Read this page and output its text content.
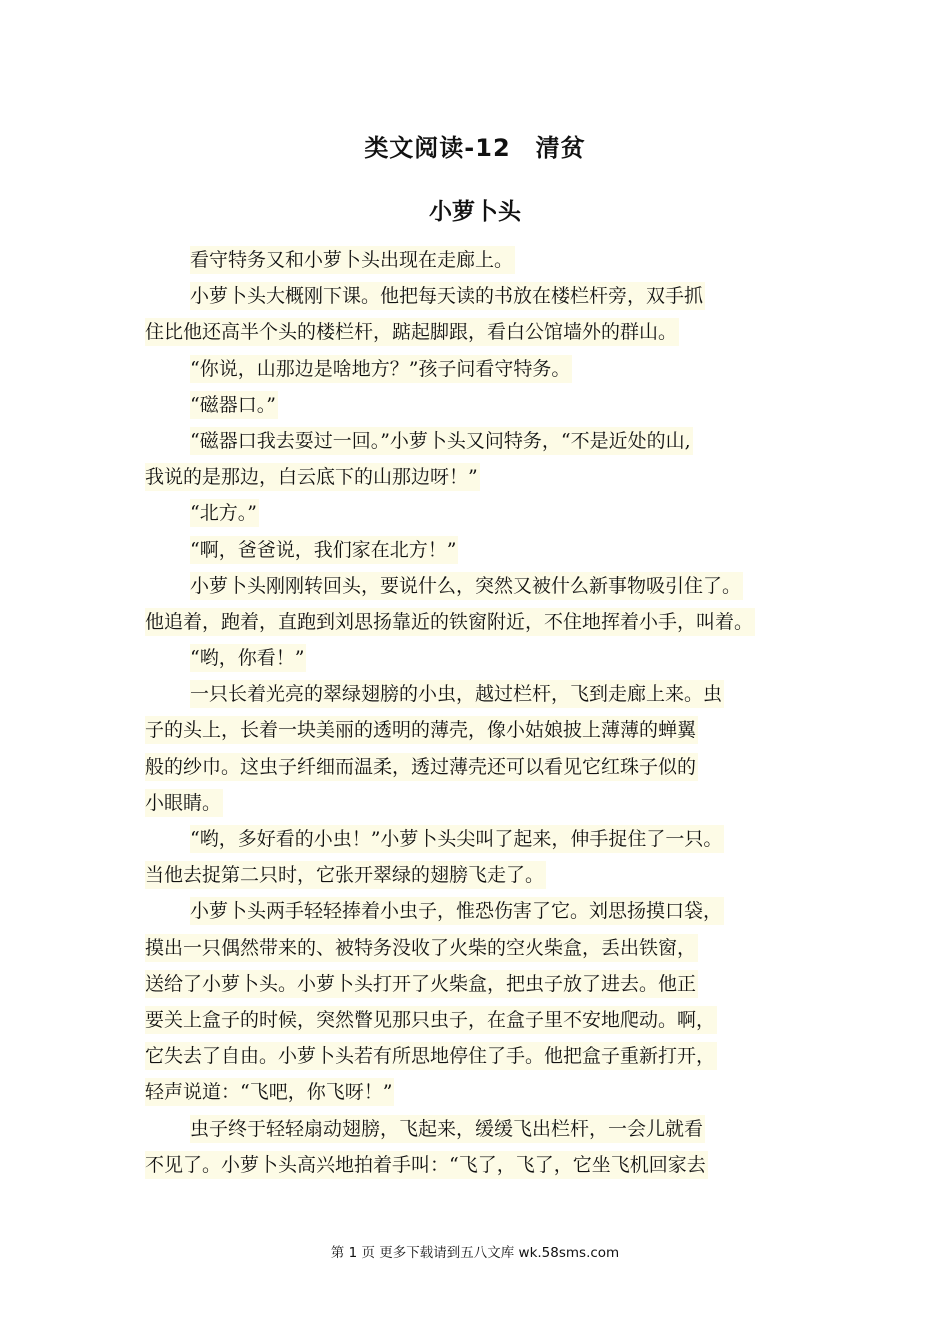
类文阅读-12　清贫
小萝卜头
看守特务又和小萝卜头出现在走廊上。
小萝卜头大概刚下课。他把每天读的书放在楼栏杆旁，双手抓
住比他还高半个头的楼栏杆，踮起脚跟，看白公馆墙外的群山。
“你说，山那边是啥地方？”孩子问看守特务。
“磁器口。”
“磁器口我去耍过一回。”小萝卜头又问特务，“不是近处的山,
我说的是那边，白云底下的山那边呀！”
“北方。”
“啊，爸爸说，我们家在北方！”
小萝卜头刚刚转回头，要说什么，突然又被什么新事物吸引住了。
他追着，跑着，直跑到刘思扬靠近的铁窗附近，不住地挥着小手，叫着。
“哟，你看！”
一只长着光亮的翠绿翅膀的小虫，越过栏杆，飞到走廊上来。虫
子的头上，长着一块美丽的透明的薄壳，像小姑娘披上薄薄的蝉翼
般的纱巾。这虫子纤细而温柔，透过薄壳还可以看见它红珠子似的
小眼睛。
“哟，多好看的小虫！”小萝卜头尖叫了起来，伸手捉住了一只。
当他去捉第二只时，它张开翠绿的翅膀飞走了。
小萝卜头两手轻轻捧着小虫子，惟恐伤害了它。刘思扬摸口袋，
摸出一只偶然带来的、被特务没收了火柴的空火柴盒，丢出铁窗，
送给了小萝卜头。小萝卜头打开了火柴盒，把虫子放了进去。他正
要关上盒子的时候，突然瞥见那只虫子，在盒子里不安地爬动。啊，
它失去了自由。小萝卜头若有所思地停住了手。他把盒子重新打开，
轻声说道：“飞吧，你飞呀！”
虫子终于轻轻扇动翅膀，飞起来，缓缓飞出栏杆，一会儿就看
不见了。小萝卜头高兴地拍着手叫：“飞了，飞了，它坐飞机回家去
第 1 页 更多下载请到五八文库 wk.58sms.com
